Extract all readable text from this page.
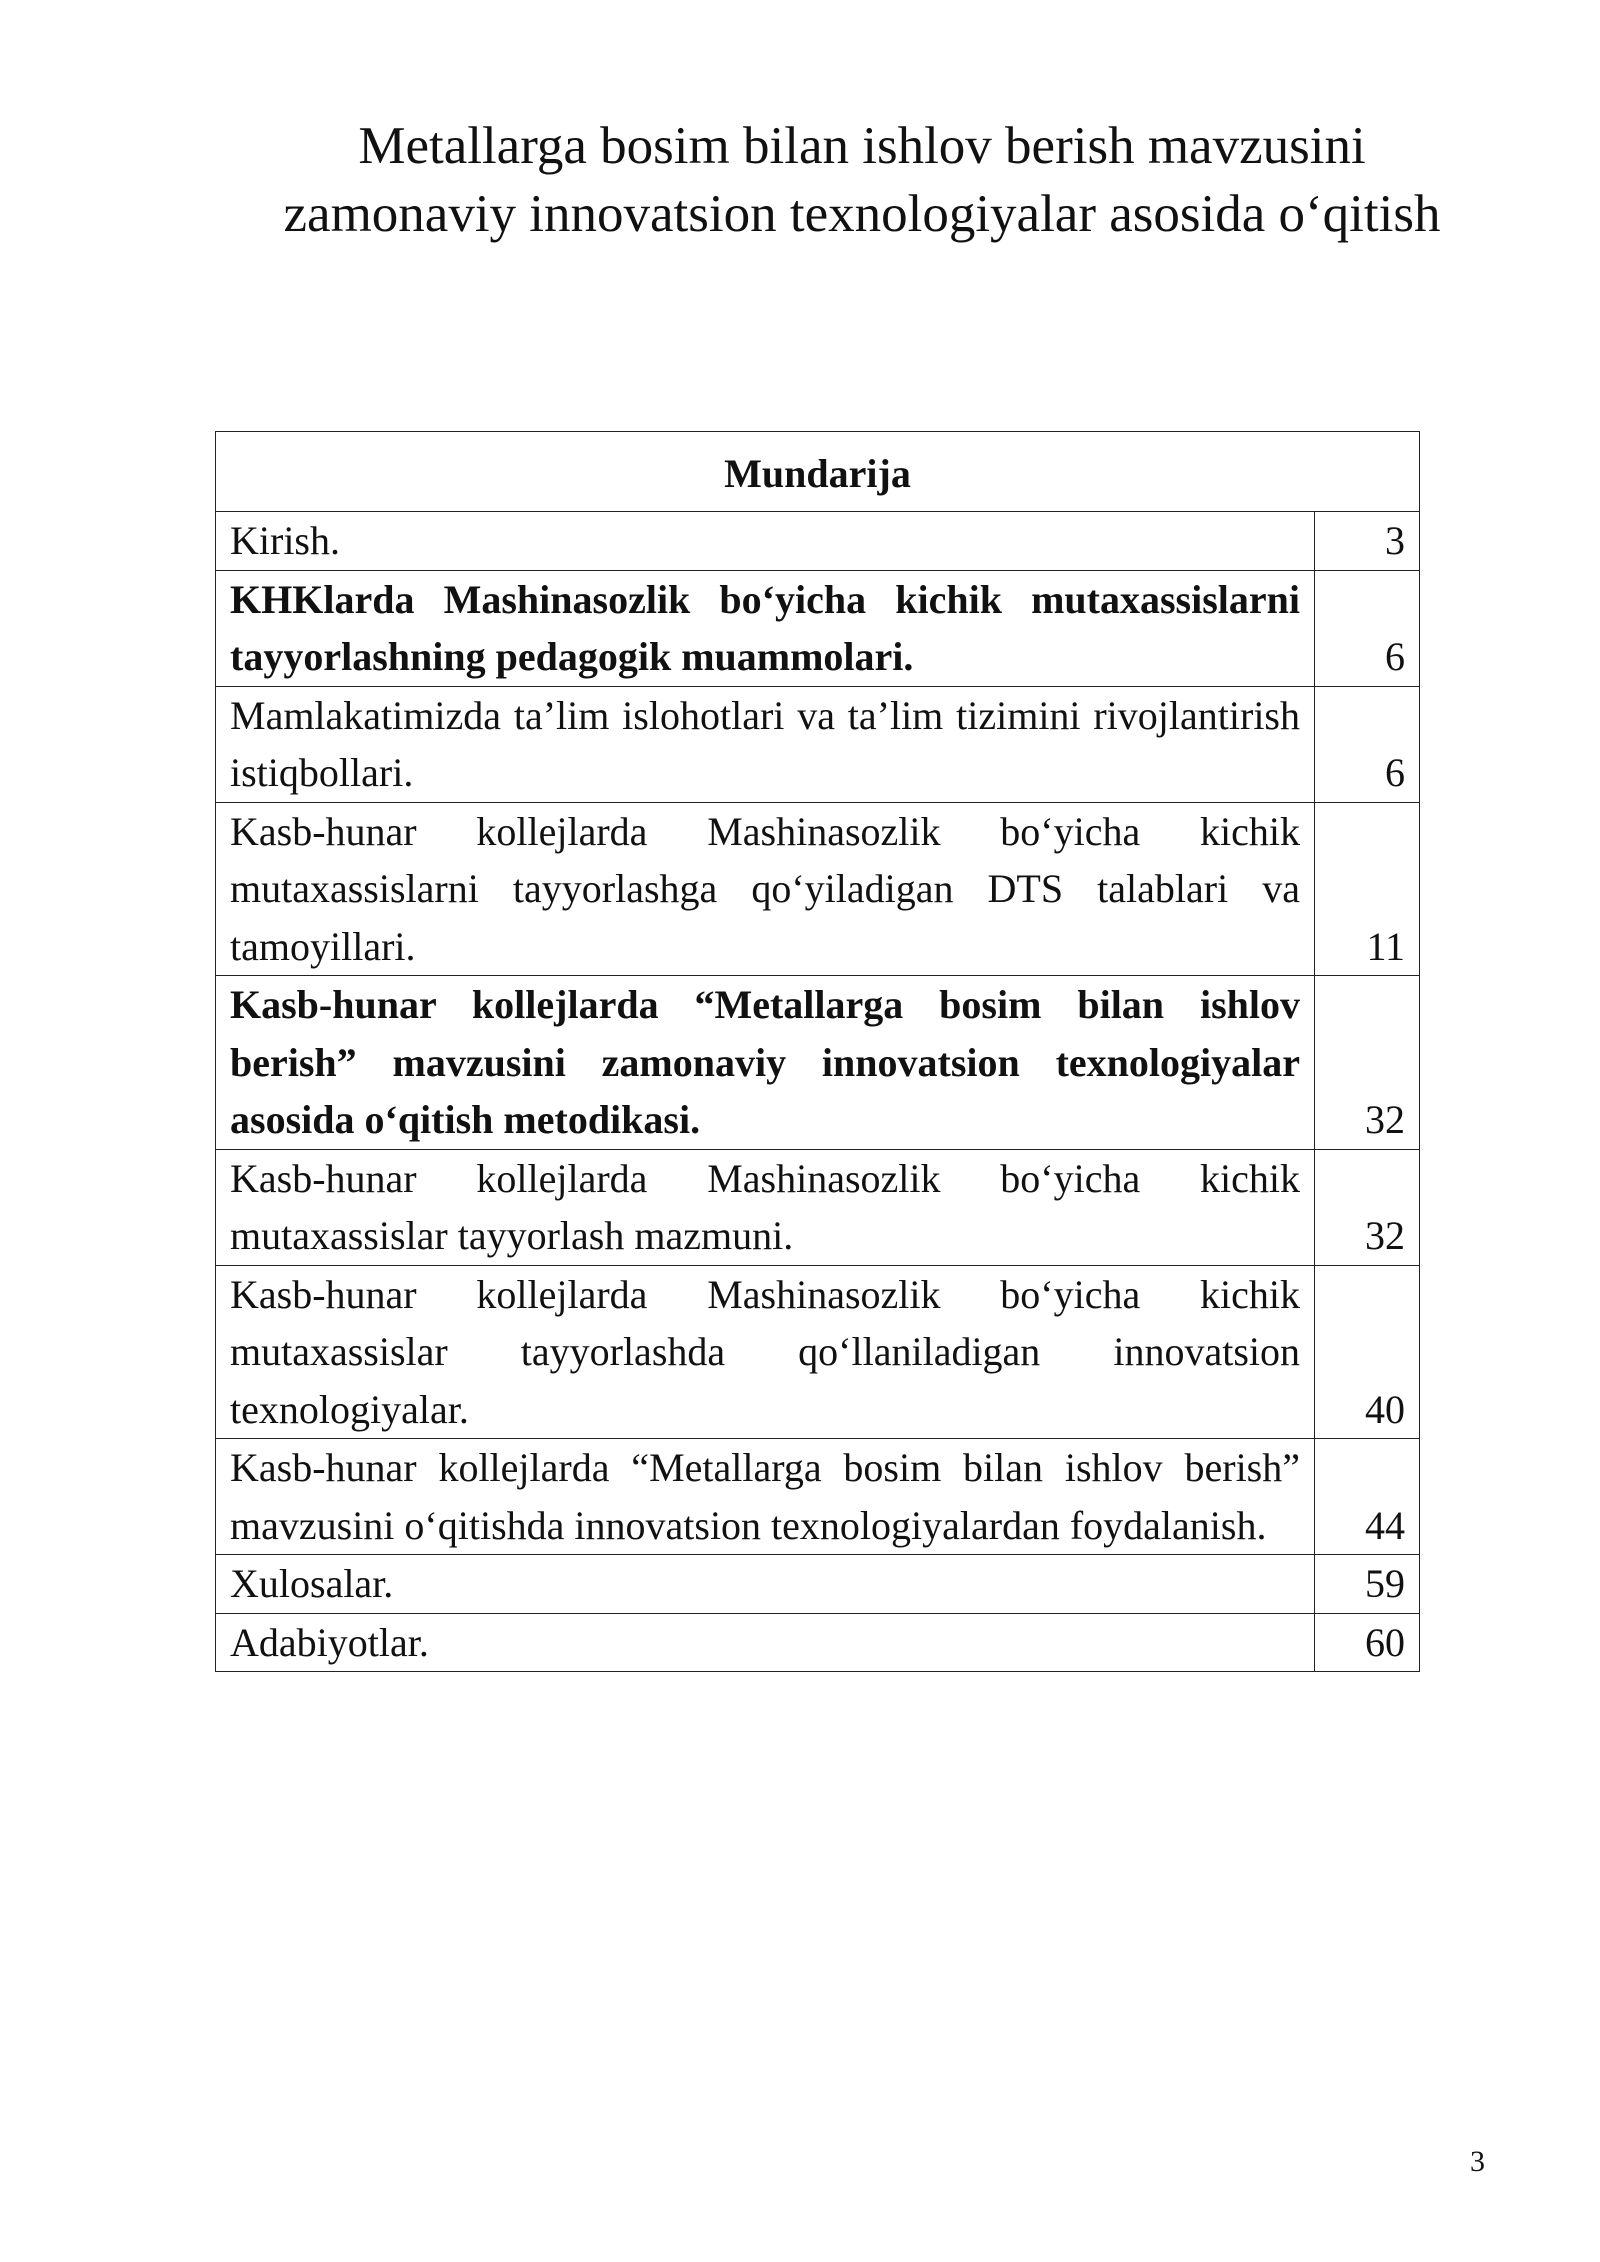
Metallarga bosim bilan ishlov berish mavzusini zamonaviy innovatsion texnologiyalar asosida o‘qitish
Mundarija	
Kirish.	3
KHKlarda Mashinasozlik bo‘yicha kichik mutaxassislarni tayyorlashning pedagogik muammolari.	6
Mamlakatimizda ta’lim islohotlari va ta’lim tizimini rivojlantirish istiqbollari.	6
Kasb-hunar kollejlarda Mashinasozlik bo‘yicha kichik mutaxassislarni tayyorlashga qo‘yiladigan DTS talablari va tamoyillari.	11
Kasb-hunar kollejlarda “Metallarga bosim bilan ishlov berish” mavzusini zamonaviy innovatsion texnologiyalar asosida o‘qitish metodikasi.	32
Kasb-hunar kollejlarda Mashinasozlik bo‘yicha kichik mutaxassislar tayyorlash mazmuni.	32
Kasb-hunar kollejlarda Mashinasozlik bo‘yicha kichik mutaxassislar tayyorlashda qo‘llaniladigan innovatsion texnologiyalar.	40
Kasb-hunar kollejlarda “Metallarga bosim bilan ishlov berish” mavzusini o‘qitishda innovatsion texnologiyalardan foydalanish.	44
Xulosalar.	59
Adabiyotlar.	60
3
